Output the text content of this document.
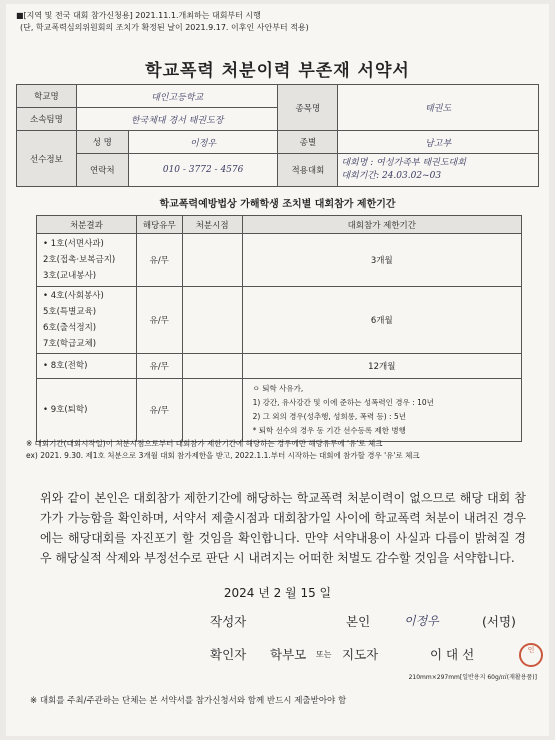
■[지역 및 전국 대회 참가신청용] 2021.11.1.개최하는 대회부터 시행
(단, 학교폭력심의위원회의 조치가 확정된 날이 2021.9.17. 이후인 사안부터 적용)
학교폭력 처분이력 부존재 서약서
학교명	대인고등학교		종목명	태권도
소속팀명	한국체대 경서 태권도장			
선수정보	성 명	이정우	종별	남고부
	연락처	010 - 3772 - 4576	적용대회	대회명 : 여성가족부 태권도대회
대회기간: 24.03.02~03
학교폭력예방법상 가해학생 조치별 대회참가 제한기간
처분결과	해당유무	처분시점	대회참가 제한기간

• 1호(서면사과)
2호(접촉·보복금지)
3호(교내봉사)	유/무		3개월

• 4호(사회봉사)
5호(특별교육)
6호(출석정지)
7호(학급교체)	유/무		6개월

• 8호(전학)	유/무		12개월

• 9호(퇴학)	유/무		ㅇ 퇴학 사유가,
1) 강간, 유사강간 및 이에 준하는 성폭력인 경우 : 10년
2) 그 외의 경우(성추행, 성희롱, 폭력 등) : 5년
* 퇴학 선수의 경우 동 기간 선수등록 제한 병행
※ 대회기간(대회시작일)이 처분시점으로부터 대회참가 제한기간에 해당하는 경우에만 해당유무에 '유'로 체크
ex) 2021. 9.30. 제1호 처분으로 3개월 대회 참가제한을 받고, 2022.1.1.부터 시작하는 대회에 참가할 경우 '유'로 체크
위와 같이 본인은 대회참가 제한기간에 해당하는 학교폭력 처분이력이 없으므로 해당 대회 참가가 가능함을 확인하며, 서약서 제출시점과 대회참가일 사이에 학교폭력 처분이 내려진 경우에는 해당대회를 자진포기 할 것임을 확인합니다. 만약 서약내용이 사실과 다름이 밝혀질 경우 해당실적 삭제와 부정선수로 판단 시 내려지는 어떠한 처벌도 감수할 것임을 서약합니다.
2024 년 2 월 15 일
작성자	본인	이정우	(서명)
확인자 학부모 또는 지도자	이 대 선	인
210mm×297mm[일반용지 60g/㎡(재활용품)]
※ 대회를 주최/주관하는 단체는 본 서약서를 참가신청서와 함께 반드시 제출받아야 함
